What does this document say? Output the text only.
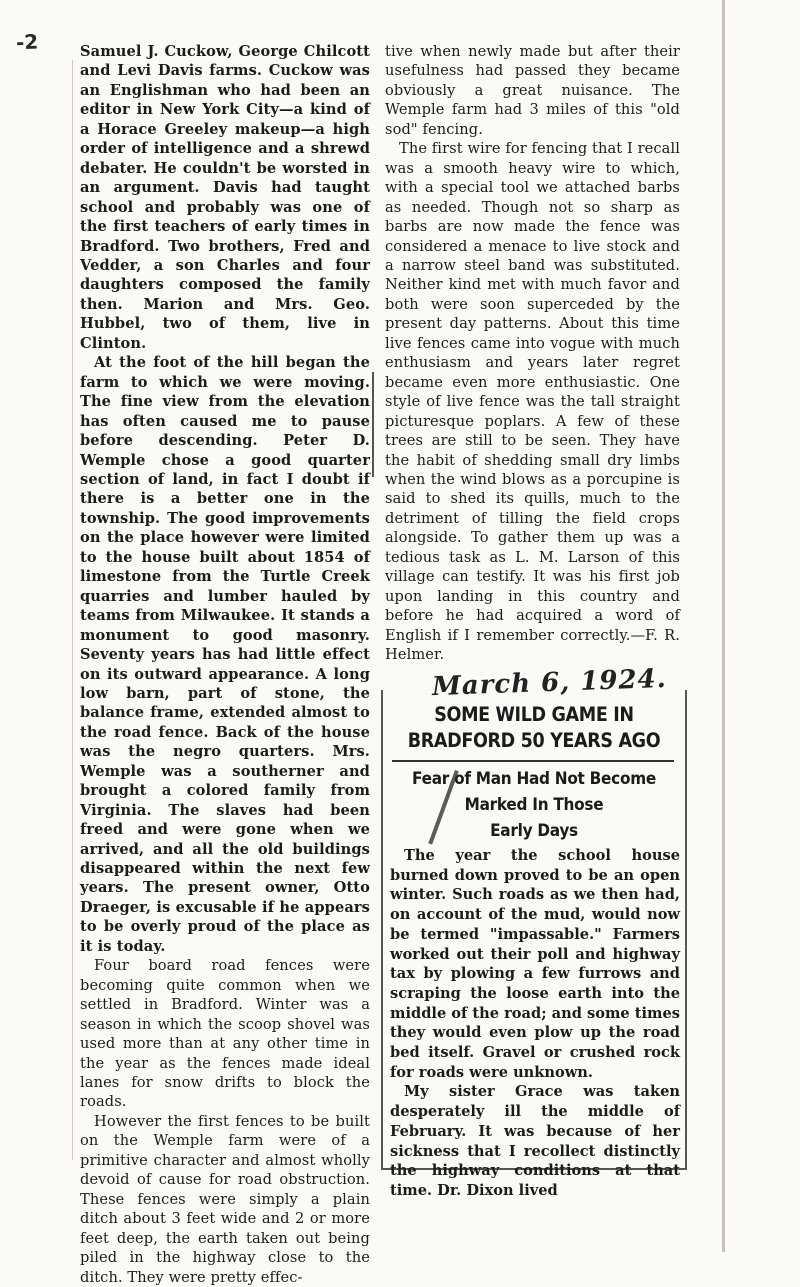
-2	Samuel J. Cuckow, George Chilcott and Levi Davis farms. Cuckow was an Englishman who had been an editor in New York City—a kind of a Horace Greeley makeup—a high order of intelligence and a shrewd debater. He couldn't be worsted in an argument. Davis had taught school and probably was one of the first teachers of early times in Bradford. Two brothers, Fred and Vedder, a son Charles and four daughters composed the family then. Marion and Mrs. Geo. Hubbel, two of them, live in Clinton.

At the foot of the hill began the farm to which we were moving. The fine view from the elevation has often caused me to pause before descending. Peter D. Wemple chose a good quarter section of land, in fact I doubt if there is a better one in the township. The good improvements on the place however were limited to the house built about 1854 of limestone from the Turtle Creek quarries and lumber hauled by teams from Milwaukee. It stands a monument to good masonry. Seventy years has had little effect on its outward appearance. A long low barn, part of stone, the balance frame, extended almost to the road fence. Back of the house was the negro quarters. Mrs. Wemple was a southerner and brought a colored family from Virginia. The slaves had been freed and were gone when we arrived, and all the old buildings disappeared within the next few years. The present owner, Otto Draeger, is excusable if he appears to be overly proud of the place as it is today.

Four board road fences were becoming quite common when we settled in Bradford. Winter was a season in which the scoop shovel was used more than at any other time in the year as the fences made ideal lanes for snow drifts to block the roads.

However the first fences to be built on the Wemple farm were of a primitive character and almost wholly devoid of cause for road obstruction. These fences were simply a plain ditch about 3 feet wide and 2 or more feet deep, the earth taken out being piled in the highway close to the ditch. They were pretty effec-

tive when newly made but after their usefulness had passed they became obviously a great nuisance. The Wemple farm had 3 miles of this "old sod" fencing.

The first wire for fencing that I recall was a smooth heavy wire to which, with a special tool we attached barbs as needed. Though not so sharp as barbs are now made the fence was considered a menace to live stock and a narrow steel band was substituted. Neither kind met with much favor and both were soon superceded by the present day patterns. About this time live fences came into vogue with much enthusiasm and years later regret became even more enthusiastic. One style of live fence was the tall straight picturesque poplars. A few of these trees are still to be seen. They have the habit of shedding small dry limbs when the wind blows as a porcupine is said to shed its quills, much to the detriment of tilling the field crops alongside. To gather them up was a tedious task as L. M. Larson of this village can testify. It was his first job upon landing in this country and before he had acquired a word of English if I remember correctly.—F. R. Helmer.

March 6, 1924.
SOME WILD GAME IN
BRADFORD 50 YEARS AGO
Fear of Man Had Not Become
Marked In Those
Early Days

The year the school house burned down proved to be an open winter. Such roads as we then had, on account of the mud, would now be termed "impassable." Farmers worked out their poll and highway tax by plowing a few furrows and scraping the loose earth into the middle of the road; and some times they would even plow up the road bed itself. Gravel or crushed rock for roads were unknown.

My sister Grace was taken desperately ill the middle of February. It was because of her sickness that I recollect distinctly the highway conditions at that time. Dr. Dixon lived
